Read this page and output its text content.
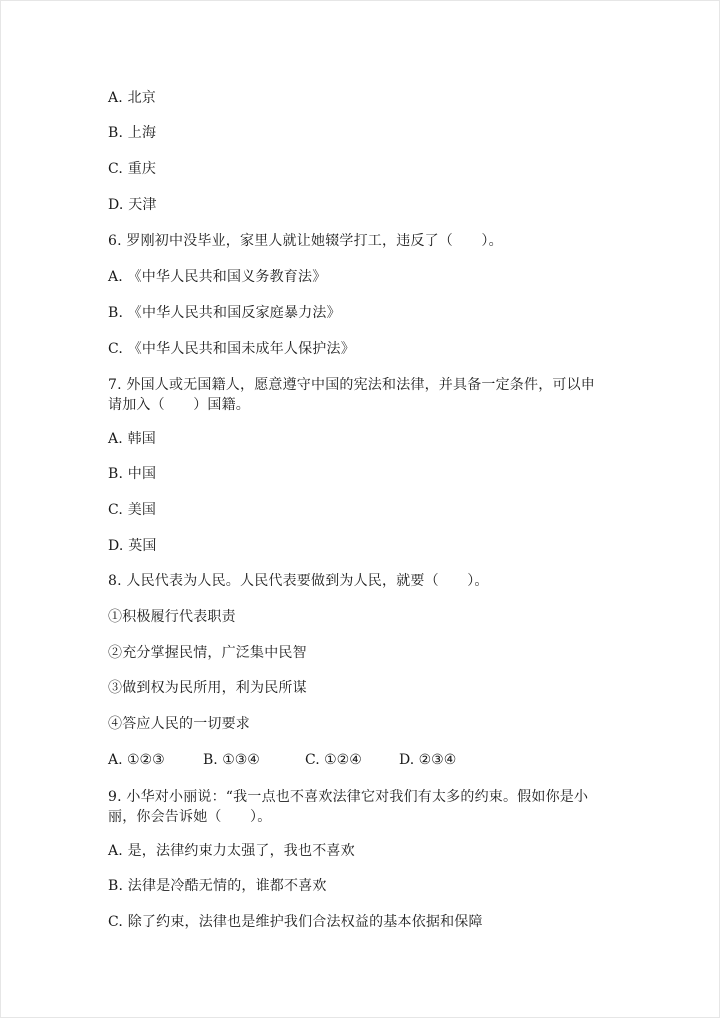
A. 北京
B. 上海
C. 重庆
D. 天津
6. 罗刚初中没毕业，家里人就让她辍学打工，违反了（　　）。
A. 《中华人民共和国义务教育法》
B. 《中华人民共和国反家庭暴力法》
C. 《中华人民共和国未成年人保护法》
7. 外国人或无国籍人，愿意遵守中国的宪法和法律，并具备一定条件，可以申
请加入（　　）国籍。
A. 韩国
B. 中国
C. 美国
D. 英国
8. 人民代表为人民。人民代表要做到为人民，就要（　　）。
①积极履行代表职责
②充分掌握民情，广泛集中民智
③做到权为民所用，利为民所谋
④答应人民的一切要求
A. ①②③	B. ①③④	C. ①②④	D. ②③④
9. 小华对小丽说：“我一点也不喜欢法律它对我们有太多的约束。假如你是小
丽，你会告诉她（　　）。
A. 是，法律约束力太强了，我也不喜欢
B. 法律是冷酷无情的，谁都不喜欢
C. 除了约束，法律也是维护我们合法权益的基本依据和保障
